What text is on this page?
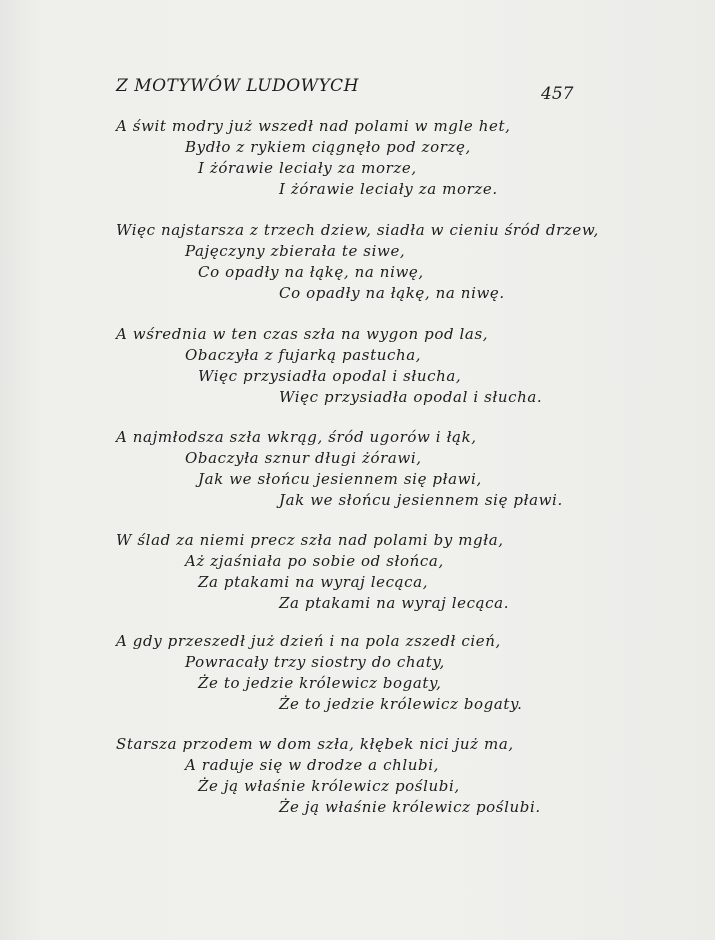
Z MOTYWÓW LUDOWYCH	457
A świt modry już wszedł nad polami w mgle het,
Bydło z rykiem ciągnęło pod zorzę,
I żórawie leciały za morze,
I żórawie leciały za morze.
Więc najstarsza z trzech dziew, siadła w cieniu śród drzew,
Pajęczyny zbierała te siwe,
Co opadły na łąkę, na niwę,
Co opadły na łąkę, na niwę.
A wśrednia w ten czas szła na wygon pod las,
Obaczyła z fujarką pastucha,
Więc przysiadła opodal i słucha,
Więc przysiadła opodal i słucha.
A najmłodsza szła wkrąg, śród ugorów i łąk,
Obaczyła sznur długi żórawi,
Jak we słońcu jesiennem się pławi,
Jak we słońcu jesiennem się pławi.
W ślad za niemi precz szła nad polami by mgła,
Aż zjaśniała po sobie od słońca,
Za ptakami na wyraj lecąca,
Za ptakami na wyraj lecąca.
A gdy przeszedł już dzień i na pola zszedł cień,
Powracały trzy siostry do chaty,
Że to jedzie królewicz bogaty,
Że to jedzie królewicz bogaty.
Starsza przodem w dom szła, kłębek nici już ma,
A raduje się w drodze a chlubi,
Że ją właśnie królewicz poślubi,
Że ją właśnie królewicz poślubi.
